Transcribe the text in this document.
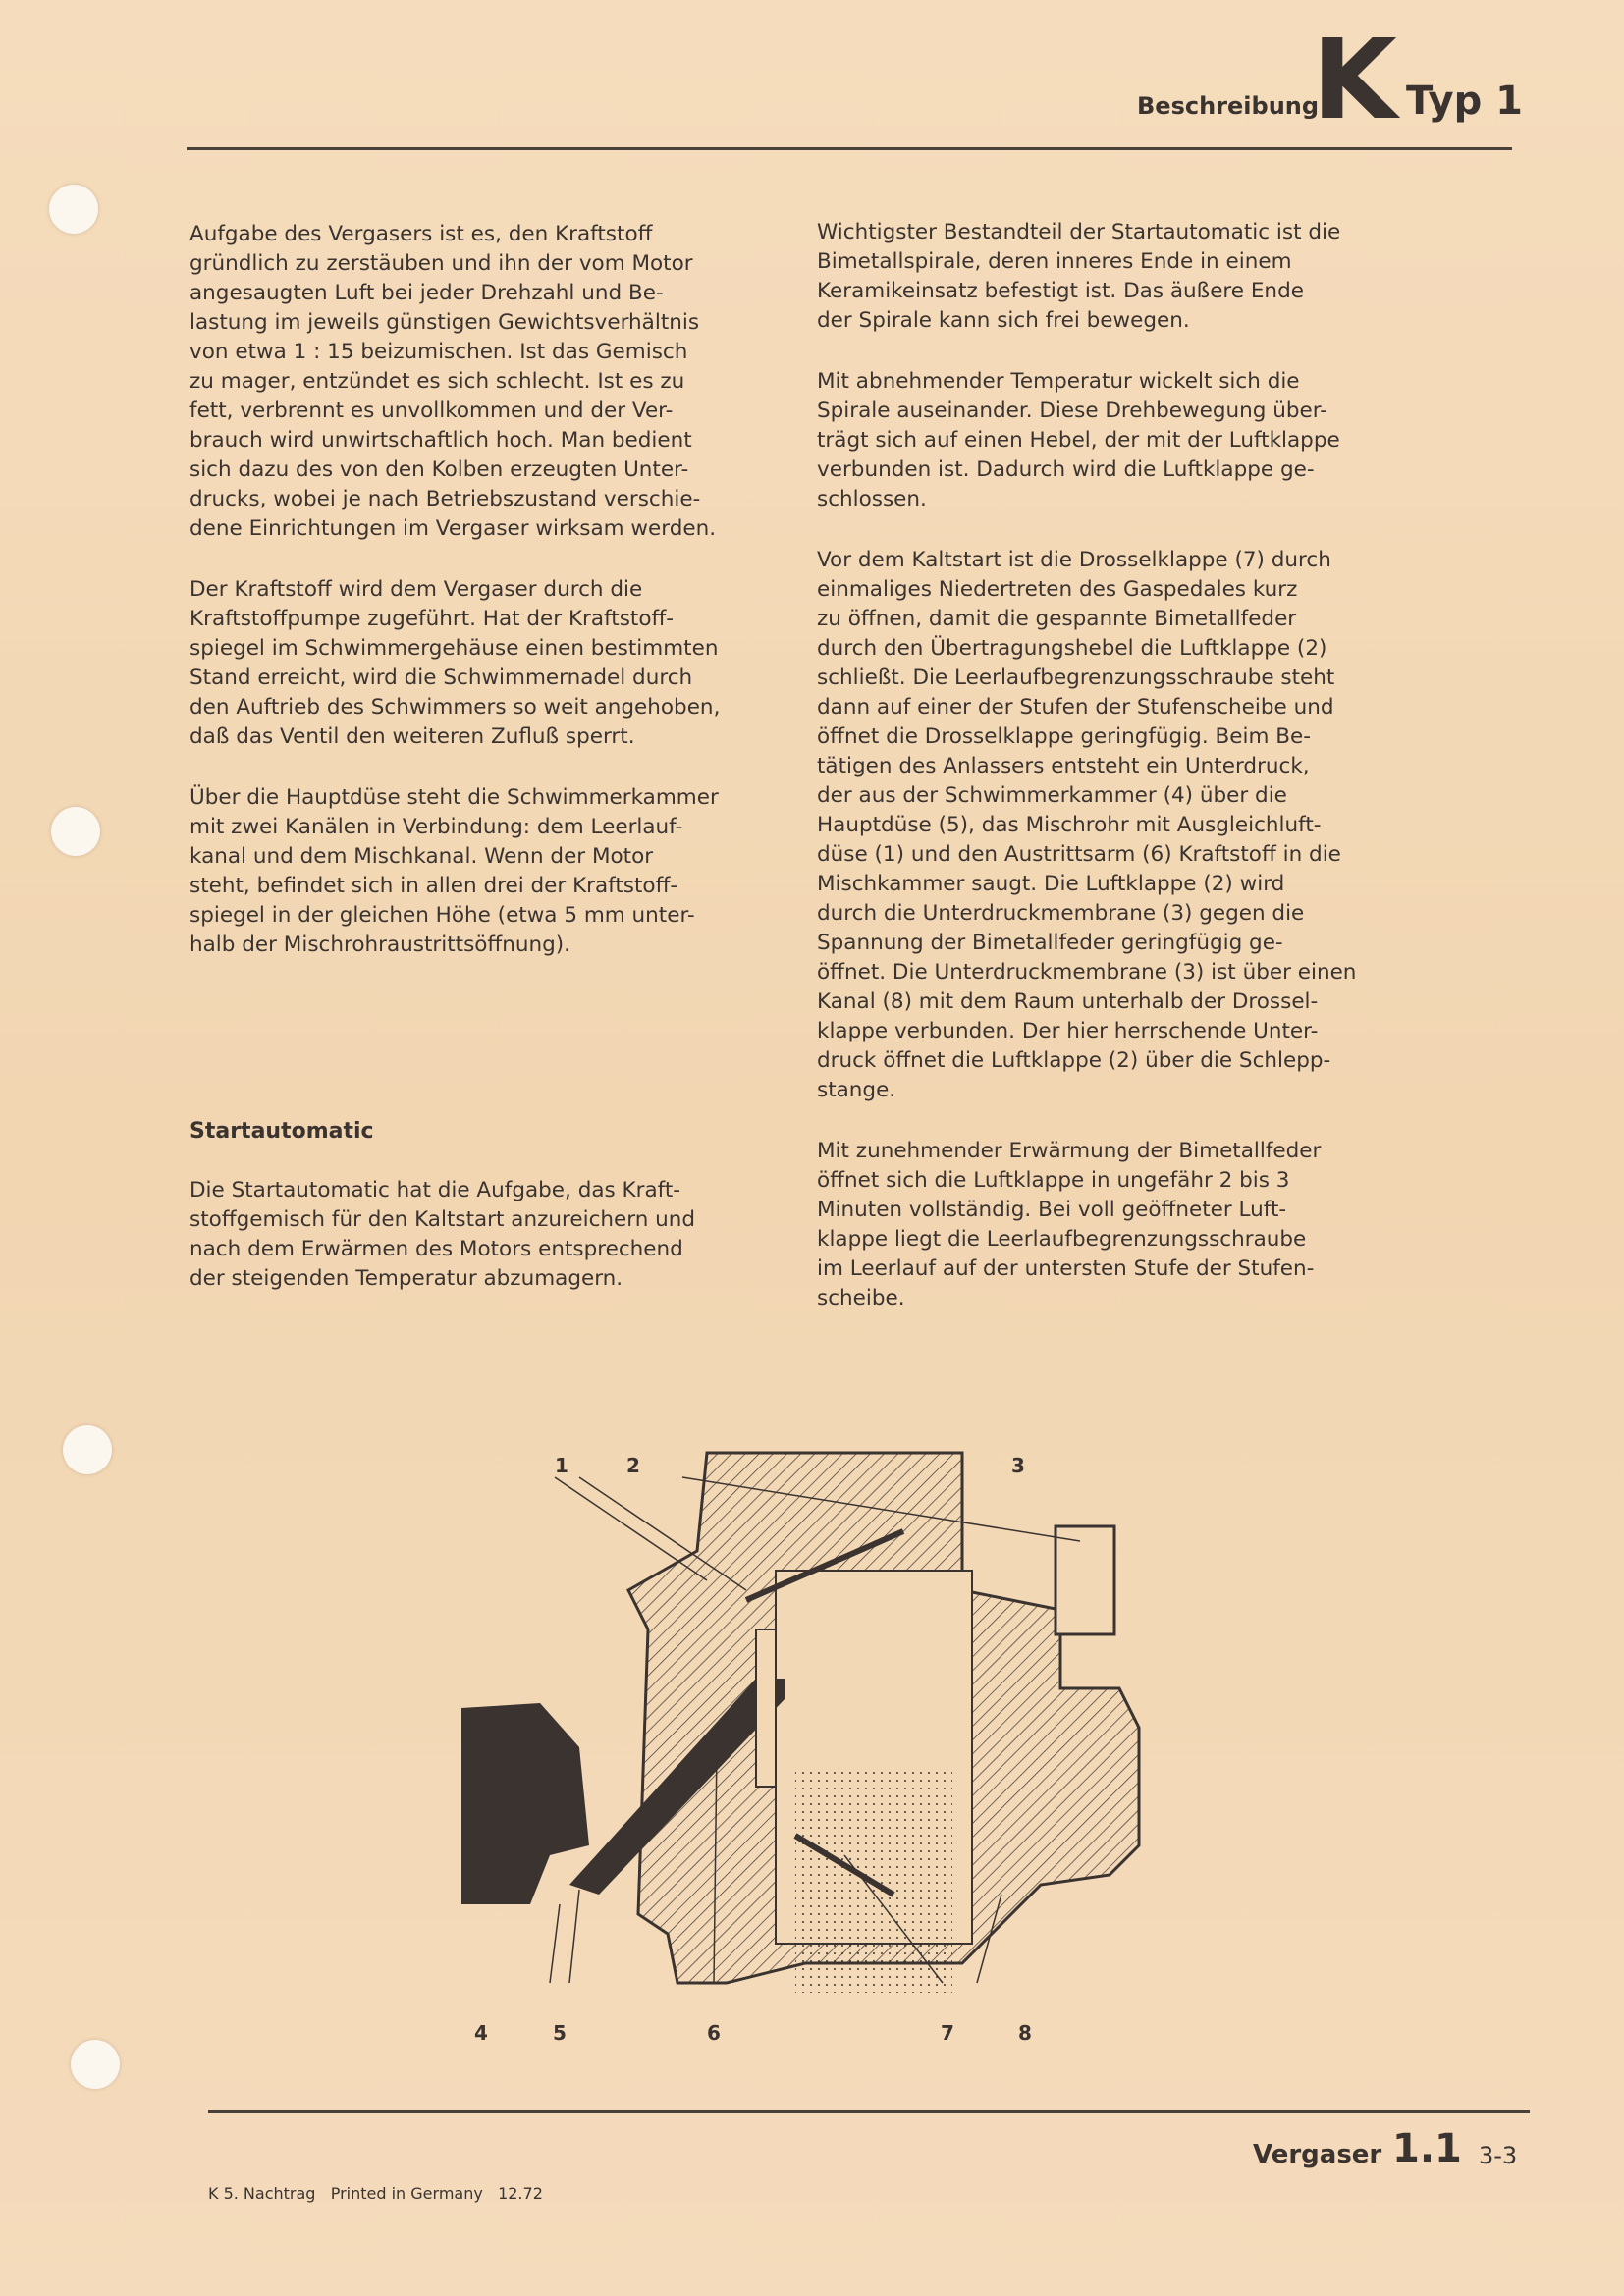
Beschreibung
K Typ 1

Aufgabe des Vergasers ist es, den Kraftstoff
gründlich zu zerstäuben und ihn der vom Motor
angesaugten Luft bei jeder Drehzahl und Be-
lastung im jeweils günstigen Gewichtsverhältnis
von etwa 1 : 15 beizumischen. Ist das Gemisch
zu mager, entzündet es sich schlecht. Ist es zu
fett, verbrennt es unvollkommen und der Ver-
brauch wird unwirtschaftlich hoch. Man bedient
sich dazu des von den Kolben erzeugten Unter-
drucks, wobei je nach Betriebszustand verschie-
dene Einrichtungen im Vergaser wirksam werden.

Der Kraftstoff wird dem Vergaser durch die
Kraftstoffpumpe zugeführt. Hat der Kraftstoff-
spiegel im Schwimmergehäuse einen bestimmten
Stand erreicht, wird die Schwimmernadel durch
den Auftrieb des Schwimmers so weit angehoben,
daß das Ventil den weiteren Zufluß sperrt.

Über die Hauptdüse steht die Schwimmerkammer
mit zwei Kanälen in Verbindung: dem Leerlauf-
kanal und dem Mischkanal. Wenn der Motor
steht, befindet sich in allen drei der Kraftstoff-
spiegel in der gleichen Höhe (etwa 5 mm unter-
halb der Mischrohraustrittsöffnung).

Startautomatic

Die Startautomatic hat die Aufgabe, das Kraft-
stoffgemisch für den Kaltstart anzureichern und
nach dem Erwärmen des Motors entsprechend
der steigenden Temperatur abzumagern.

Wichtigster Bestandteil der Startautomatic ist die
Bimetallspirale, deren inneres Ende in einem
Keramikeinsatz befestigt ist. Das äußere Ende
der Spirale kann sich frei bewegen.

Mit abnehmender Temperatur wickelt sich die
Spirale auseinander. Diese Drehbewegung über-
trägt sich auf einen Hebel, der mit der Luftklappe
verbunden ist. Dadurch wird die Luftklappe ge-
schlossen.

Vor dem Kaltstart ist die Drosselklappe (7) durch
einmaliges Niedertreten des Gaspedales kurz
zu öffnen, damit die gespannte Bimetallfeder
durch den Übertragungshebel die Luftklappe (2)
schließt. Die Leerlaufbegrenzungsschraube steht
dann auf einer der Stufen der Stufenscheibe und
öffnet die Drosselklappe geringfügig. Beim Be-
tätigen des Anlassers entsteht ein Unterdruck,
der aus der Schwimmerkammer (4) über die
Hauptdüse (5), das Mischrohr mit Ausgleichluft-
düse (1) und den Austrittsarm (6) Kraftstoff in die
Mischkammer saugt. Die Luftklappe (2) wird
durch die Unterdruckmembrane (3) gegen die
Spannung der Bimetallfeder geringfügig ge-
öffnet. Die Unterdruckmembrane (3) ist über einen
Kanal (8) mit dem Raum unterhalb der Drossel-
klappe verbunden. Der hier herrschende Unter-
druck öffnet die Luftklappe (2) über die Schlepp-
stange.

Mit zunehmender Erwärmung der Bimetallfeder
öffnet sich die Luftklappe in ungefähr 2 bis 3
Minuten vollständig. Bei voll geöffneter Luft-
klappe liegt die Leerlaufbegrenzungsschraube
im Leerlauf auf der untersten Stufe der Stufen-
scheibe.

1	2	3
4	5	6	7	8
Vergaser 1.1 3-3
K 5. Nachtrag   Printed in Germany   12.72
